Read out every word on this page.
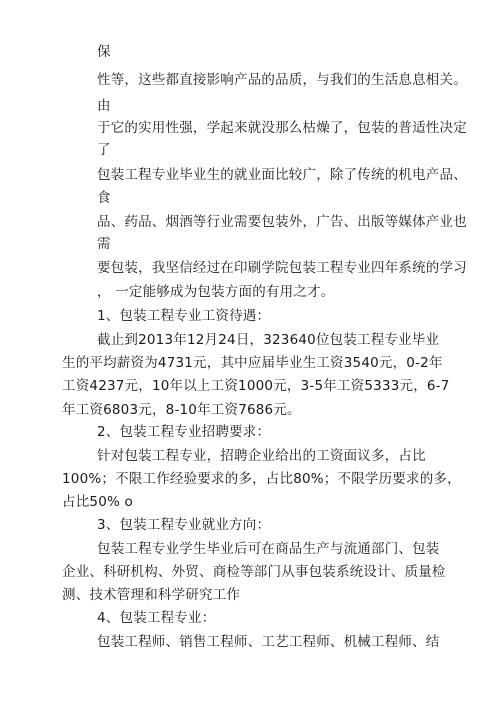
保
性等，这些都直接影响产品的品质，与我们的生活息息相关。
由
于它的实用性强，学起来就没那么枯燥了，包装的普适性决定
了
包装工程专业毕业生的就业面比较广，除了传统的机电产品、
食
品、药品、烟酒等行业需要包装外，广告、出版等媒体产业也
需
要包装，我坚信经过在印刷学院包装工程专业四年系统的学习
， 一定能够成为包装方面的有用之才。
1、包装工程专业工资待遇：
截止到2013年12月24日，323640位包装工程专业毕业
生的平均薪资为4731元，其中应届毕业生工资3540元，0-2年
工资4237元，10年以上工资1000元，3-5年工资5333元，6-7
年工资6803元，8-10年工资7686元。
2、包装工程专业招聘要求：
针对包装工程专业，招聘企业给出的工资面议多，占比
100%；不限工作经验要求的多，占比80%；不限学历要求的多，
占比50% o
3、包装工程专业就业方向：
包装工程专业学生毕业后可在商品生产与流通部门、包装
企业、科研机构、外贸、商检等部门从事包装系统设计、质量检
测、技术管理和科学研究工作
4、包装工程专业：
包装工程师、销售工程师、工艺工程师、机械工程师、结
